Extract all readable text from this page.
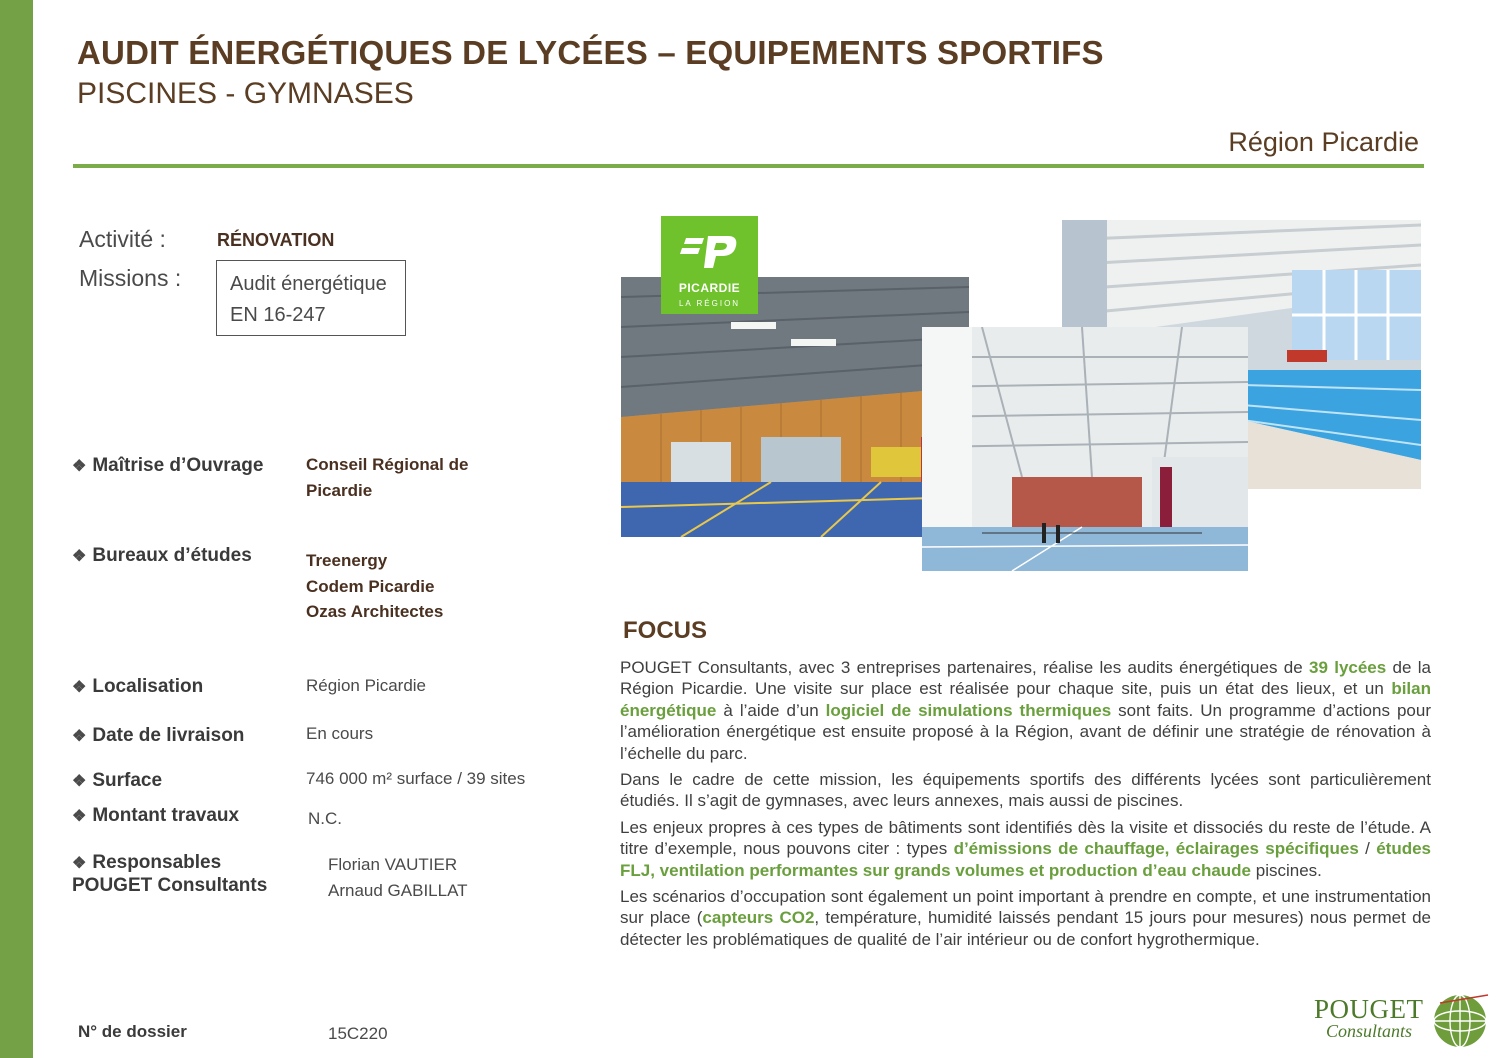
AUDIT ÉNERGÉTIQUES DE LYCÉES – EQUIPEMENTS SPORTIFS
PISCINES - GYMNASES
Région Picardie
Activité :	RÉNOVATION
Missions : Audit énergétique
EN 16-247
❖ Maîtrise d’Ouvrage	Conseil Régional de
Picardie
❖ Bureaux d’études	Treenergy
Codem Picardie
Ozas Architectes
❖ Localisation	Région Picardie
❖ Date de livraison	En cours
❖ Surface	746 000 m² surface / 39 sites
❖ Montant travaux	N.C.
❖ Responsables
POUGET Consultants
Florian VAUTIER
Arnaud GABILLAT
PICARDIE
LA RÉGION
FOCUS

POUGET Consultants, avec 3 entreprises partenaires, réalise les audits énergétiques de 39 lycées de la Région Picardie. Une visite sur place est réalisée pour chaque site, puis un état des lieux, et un bilan énergétique à l’aide d’un logiciel de simulations thermiques sont faits. Un programme d’actions pour l’amélioration énergétique est ensuite proposé à la Région, avant de définir une stratégie de rénovation à l’échelle du parc.

Dans le cadre de cette mission, les équipements sportifs des différents lycées sont particulièrement étudiés. Il s’agit de gymnases, avec leurs annexes, mais aussi de piscines.

Les enjeux propres à ces types de bâtiments sont identifiés dès la visite et dissociés du reste de l’étude. A titre d’exemple, nous pouvons citer : types d’émissions de chauffage, éclairages spécifiques / études FLJ, ventilation performantes sur grands volumes et production d’eau chaude piscines.

Les scénarios d’occupation sont également un point important à prendre en compte, et une instrumentation sur place (capteurs CO2, température, humidité laissés pendant 15 jours pour mesures) nous permet de détecter les problématiques de qualité de l’air intérieur ou de confort hygrothermique.

N° de dossier	15C220
POUGET
Consultants
